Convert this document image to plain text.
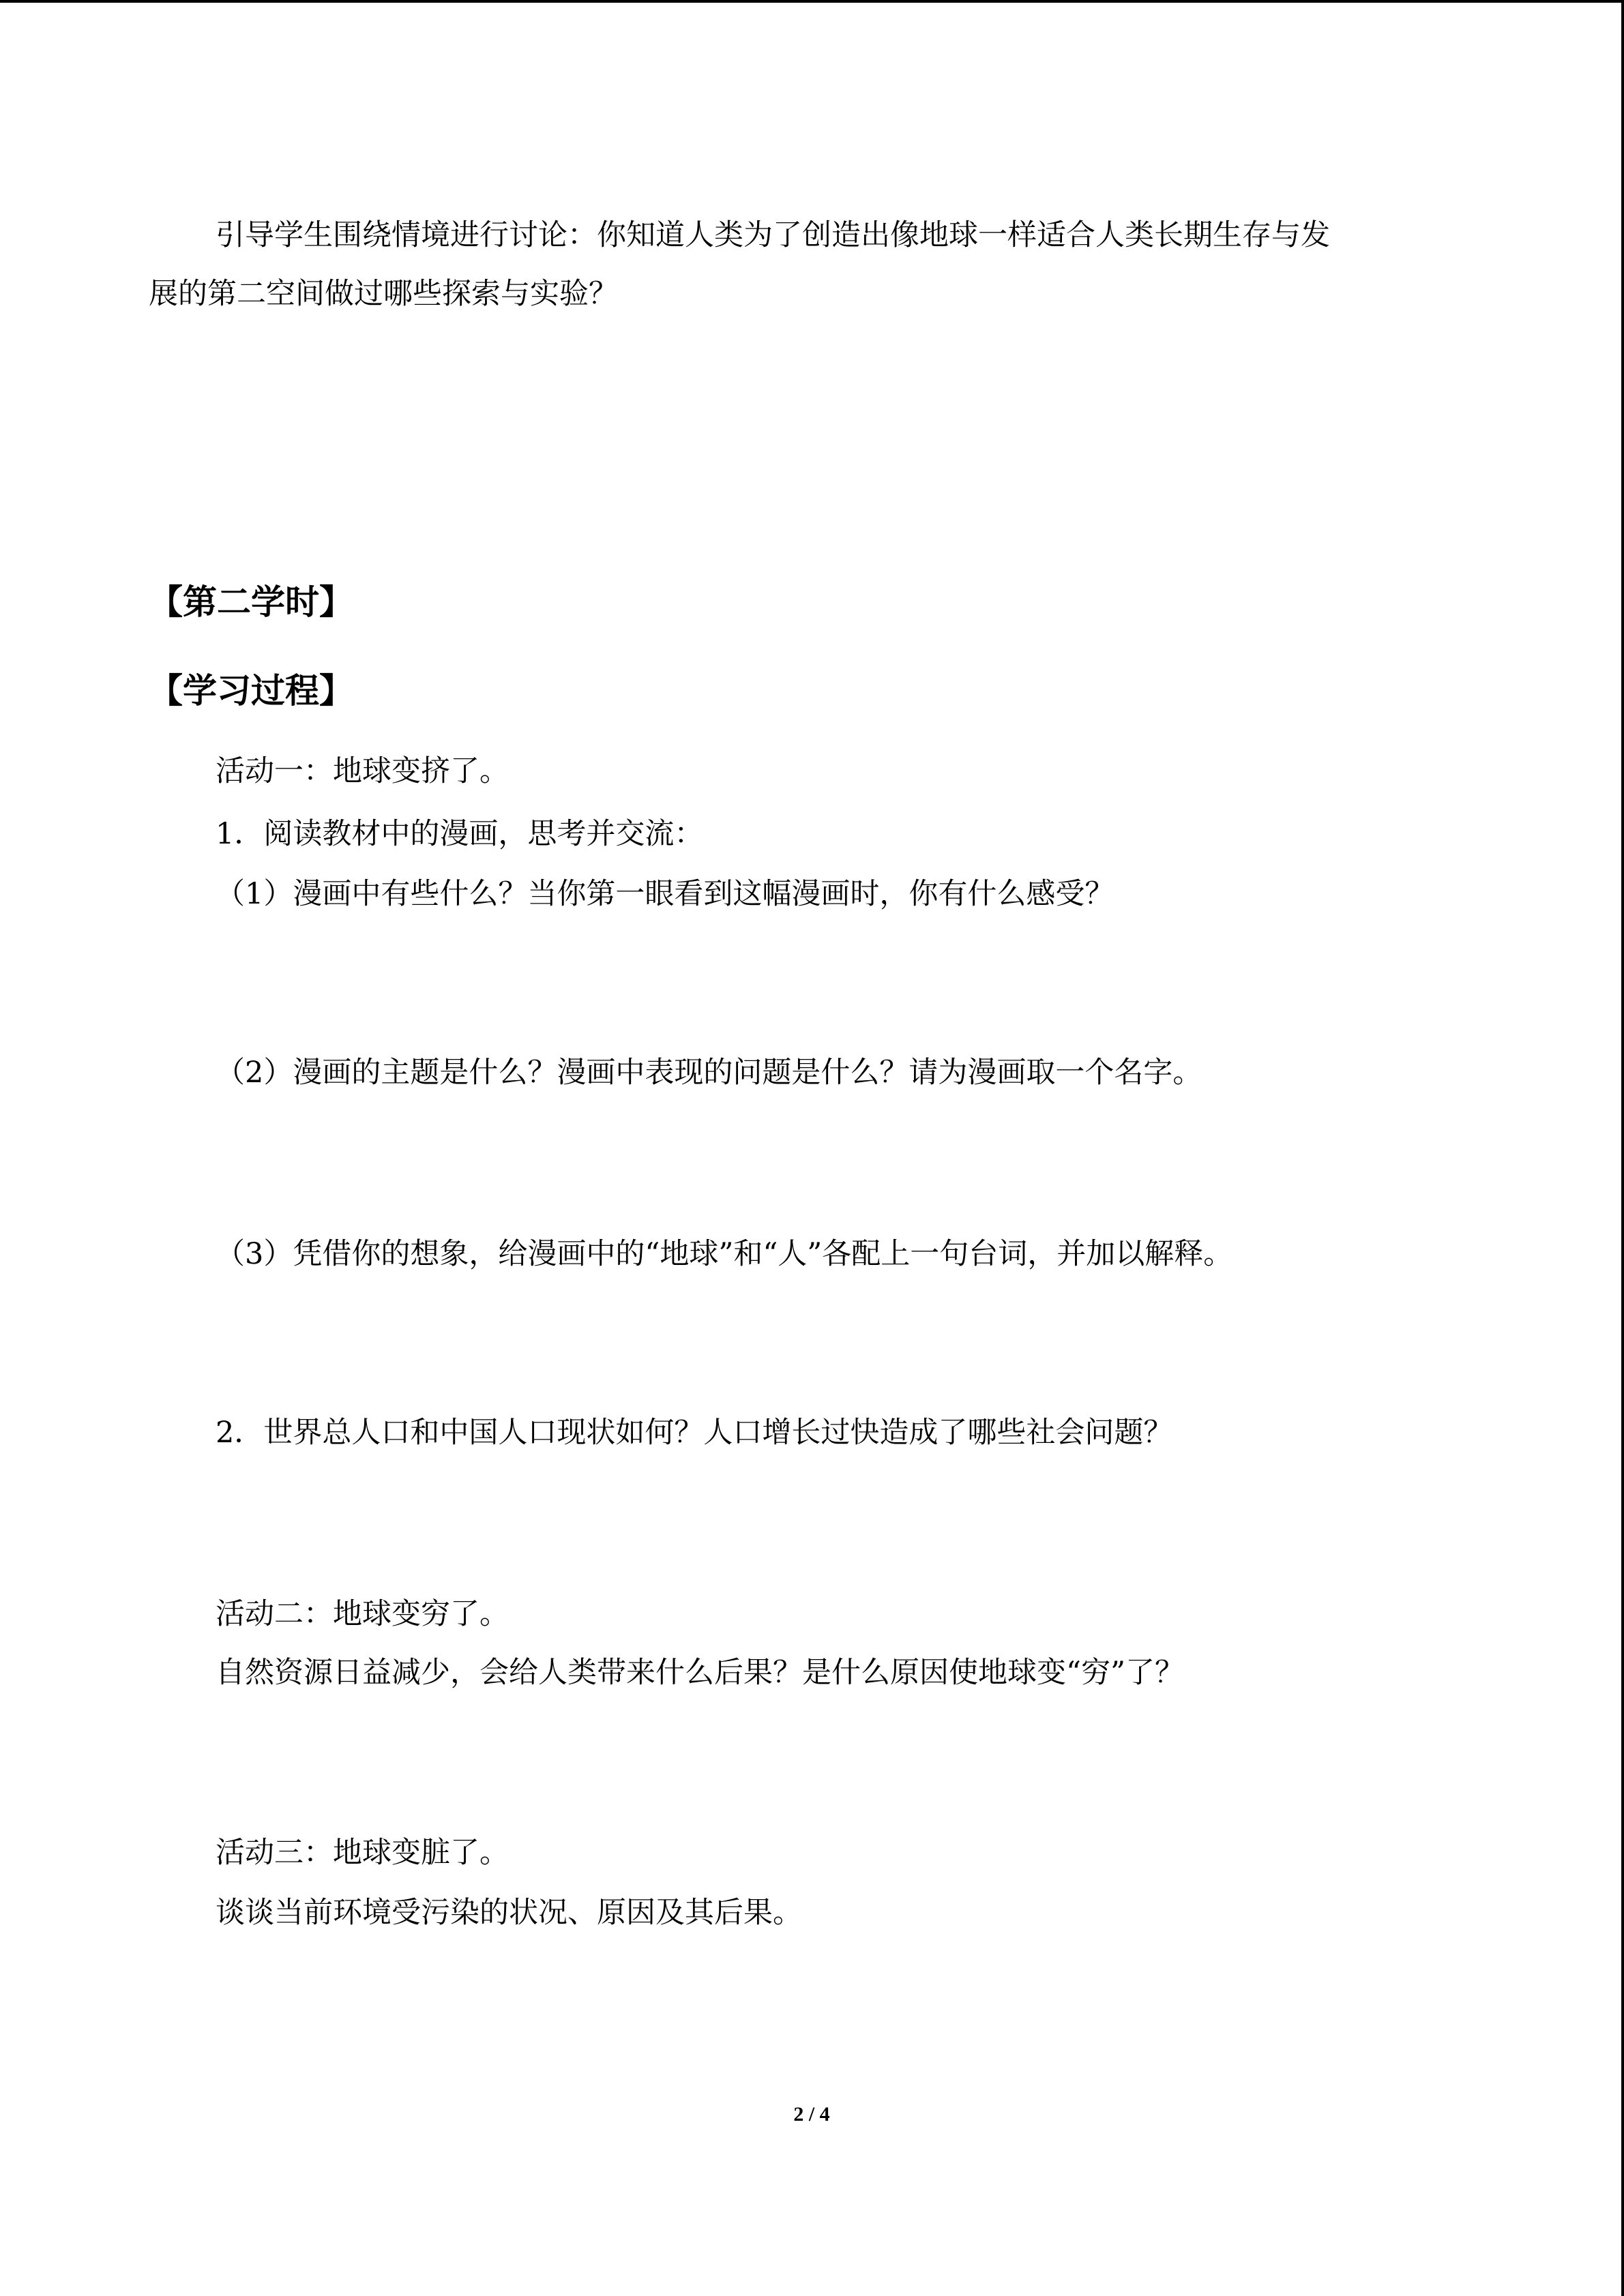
引导学生围绕情境进行讨论：你知道人类为了创造出像地球一样适合人类长期生存与发
展的第二空间做过哪些探索与实验？
【第二学时】
【学习过程】
活动一：地球变挤了。
1．阅读教材中的漫画，思考并交流：
（1）漫画中有些什么？当你第一眼看到这幅漫画时，你有什么感受？
（2）漫画的主题是什么？漫画中表现的问题是什么？请为漫画取一个名字。
（3）凭借你的想象，给漫画中的“地球”和“人”各配上一句台词，并加以解释。
2．世界总人口和中国人口现状如何？人口增长过快造成了哪些社会问题？
活动二：地球变穷了。
自然资源日益减少，会给人类带来什么后果？是什么原因使地球变“穷”了？
活动三：地球变脏了。
谈谈当前环境受污染的状况、原因及其后果。
2 / 4
